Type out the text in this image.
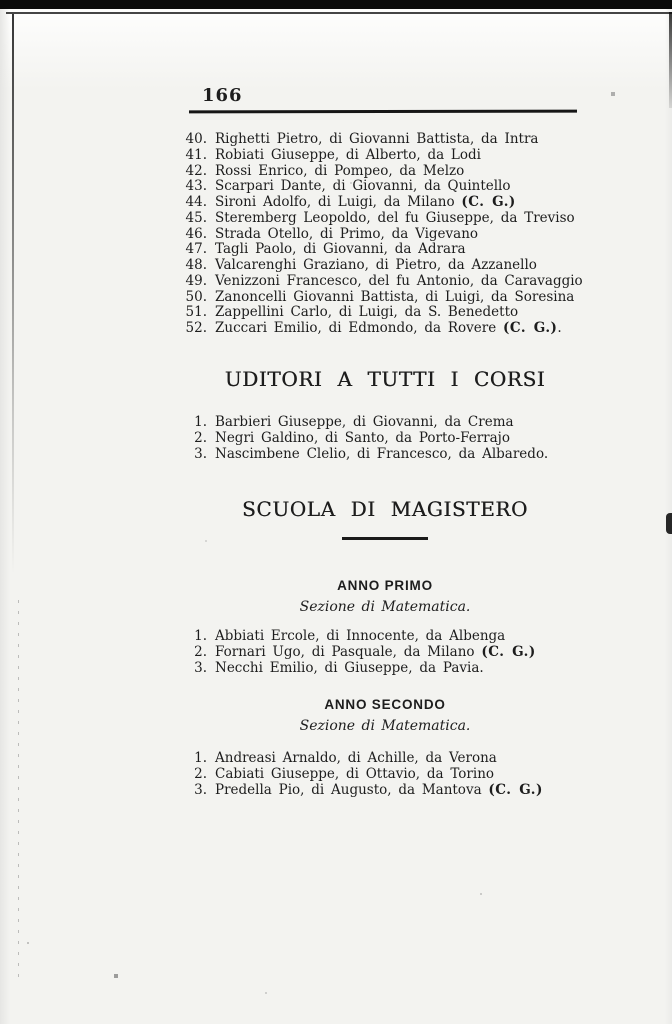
166
40. Righetti Pietro, di Giovanni Battista, da Intra
41. Robiati Giuseppe, di Alberto, da Lodi
42. Rossi Enrico, di Pompeo, da Melzo
43. Scarpari Dante, di Giovanni, da Quintello
44. Sironi Adolfo, di Luigi, da Milano (C. G.)
45. Steremberg Leopoldo, del fu Giuseppe, da Treviso
46. Strada Otello, di Primo, da Vigevano
47. Tagli Paolo, di Giovanni, da Adrara
48. Valcarenghi Graziano, di Pietro, da Azzanello
49. Venizzoni Francesco, del fu Antonio, da Caravaggio
50. Zanoncelli Giovanni Battista, di Luigi, da Soresina
51. Zappellini Carlo, di Luigi, da S. Benedetto
52. Zuccari Emilio, di Edmondo, da Rovere (C. G.).
UDITORI A TUTTI I CORSI
1. Barbieri Giuseppe, di Giovanni, da Crema
2. Negri Galdino, di Santo, da Porto-Ferrajo
3. Nascimbene Clelio, di Francesco, da Albaredo.
SCUOLA DI MAGISTERO
ANNO PRIMO
Sezione di Matematica.
1. Abbiati Ercole, di Innocente, da Albenga
2. Fornari Ugo, di Pasquale, da Milano (C. G.)
3. Necchi Emilio, di Giuseppe, da Pavia.
ANNO SECONDO
Sezione di Matematica.
1. Andreasi Arnaldo, di Achille, da Verona
2. Cabiati Giuseppe, di Ottavio, da Torino
3. Predella Pio, di Augusto, da Mantova (C. G.)
